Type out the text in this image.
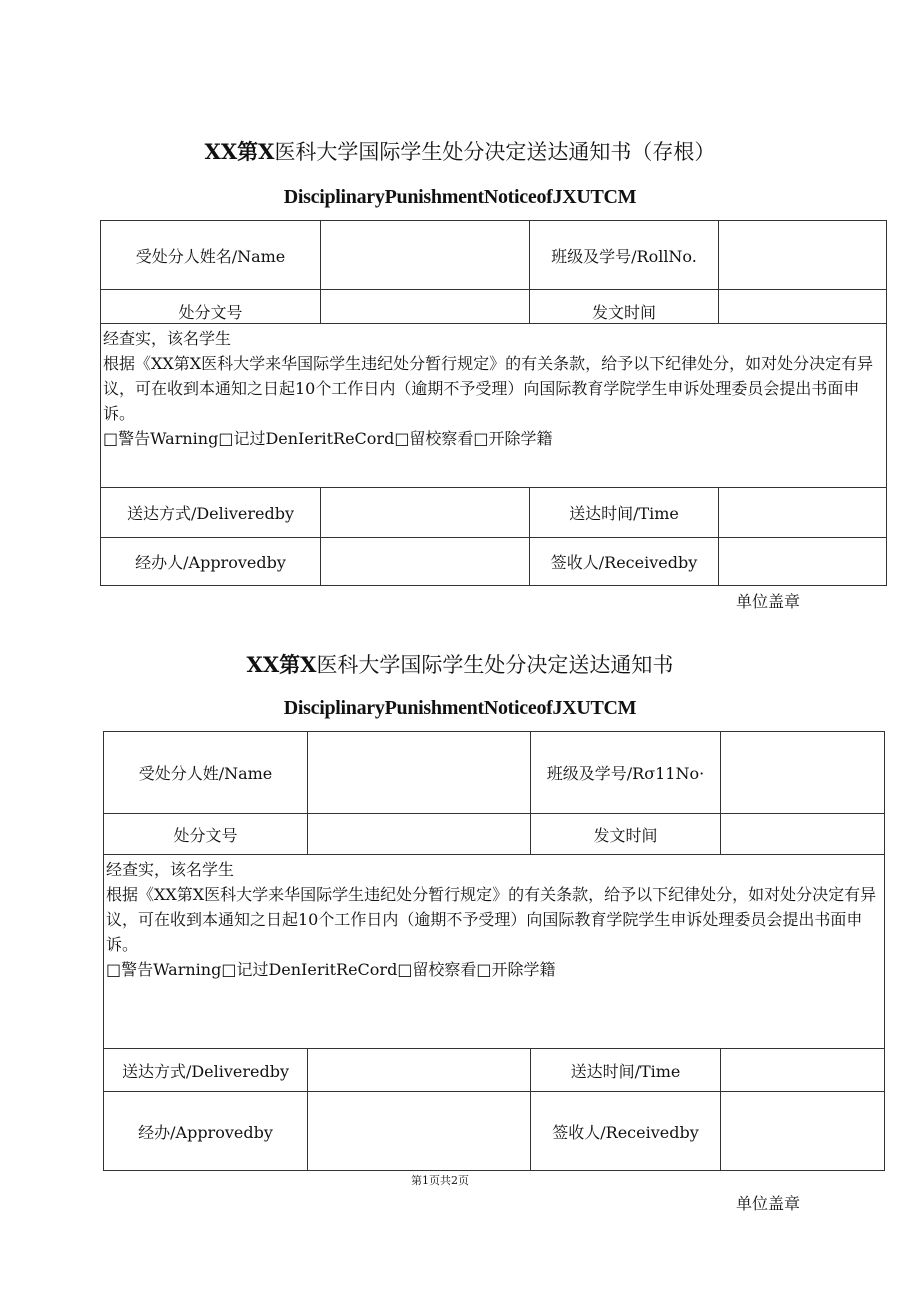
XX第X医科大学国际学生处分决定送达通知书（存根）
DisciplinaryPunishmentNoticeofJXUTCM
受处分人姓名/Name		班级及学号/RollNo.	
处分文号		发文时间	

经查实，该名学生
根据《XX第X医科大学来华国际学生违纪处分暂行规定》的有关条款，给予以下纪律处分，如对处分决定有异议，可在收到本通知之日起10个工作日内（逾期不予受理）向国际教育学院学生申诉处理委员会提出书面申诉。
□警告Warning□记过DenIeritReCord□留校察看□开除学籍			

送达方式/Deliveredby		送达时间/Time	
经办人/Approvedby		签收人/Receivedby	
单位盖章
XX第X医科大学国际学生处分决定送达通知书
DisciplinaryPunishmentNoticeofJXUTCM
受处分人姓/Name		班级及学号/Rσ11No·	
处分文号		发文时间	

经查实，该名学生
根据《XX第X医科大学来华国际学生违纪处分暂行规定》的有关条款，给予以下纪律处分，如对处分决定有异议，可在收到本通知之日起10个工作日内（逾期不予受理）向国际教育学院学生申诉处理委员会提出书面申诉。
□警告Warning□记过DenIeritReCord□留校察看□开除学籍			

送达方式/Deliveredby		送达时间/Time	
经办/Approvedby		签收人/Receivedby	
第1页共2页
单位盖章
